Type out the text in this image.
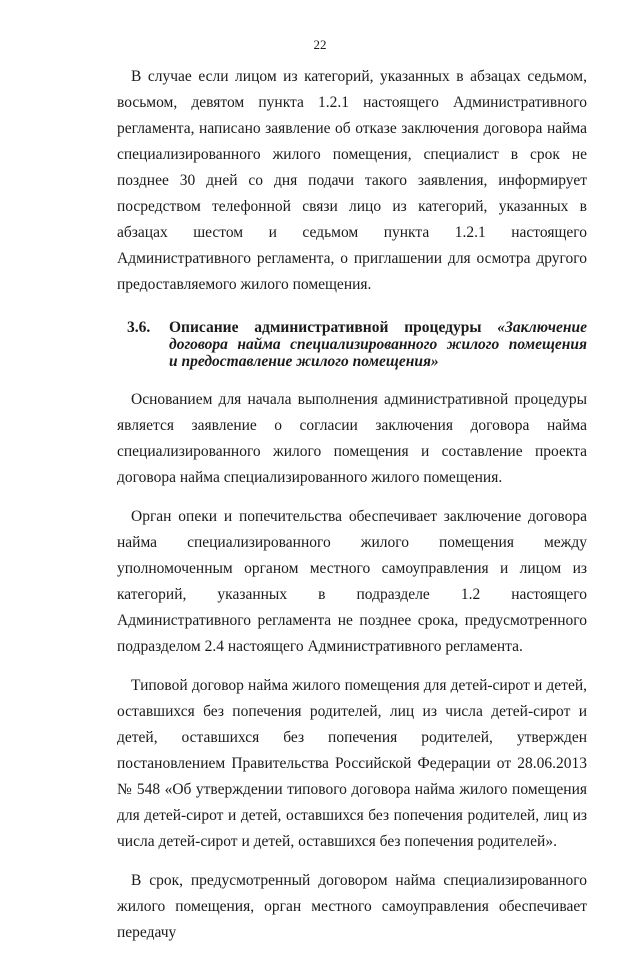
22

В случае если лицом из категорий, указанных в абзацах седьмом, восьмом, девятом пункта 1.2.1 настоящего Административного регламента, написано заявление об отказе заключения договора найма специализированного жилого помещения, специалист в срок не позднее 30 дней со дня подачи такого заявления, информирует посредством телефонной связи лицо из категорий, указанных в абзацах шестом и седьмом пункта 1.2.1 настоящего Административного регламента, о приглашении для осмотра другого предоставляемого жилого помещения.

3.6.	Описание административной процедуры «Заключение
договора найма специализированного жилого помещения
и предоставление жилого помещения»

Основанием для начала выполнения административной процедуры является заявление о согласии заключения договора найма специализированного жилого помещения и составление проекта договора найма специализированного жилого помещения.

Орган опеки и попечительства обеспечивает заключение договора найма специализированного жилого помещения между уполномоченным органом местного самоуправления и лицом из категорий, указанных в подразделе 1.2 настоящего Административного регламента не позднее срока, предусмотренного подразделом 2.4 настоящего Административного регламента.

Типовой договор найма жилого помещения для детей-сирот и детей, оставшихся без попечения родителей, лиц из числа детей-сирот и детей, оставшихся без попечения родителей, утвержден постановлением Правительства Российской Федерации от 28.06.2013 № 548 «Об утверждении типового договора найма жилого помещения для детей-сирот и детей, оставшихся без попечения родителей, лиц из числа детей-сирот и детей, оставшихся без попечения родителей».

В срок, предусмотренный договором найма специализированного жилого помещения, орган местного самоуправления обеспечивает передачу
